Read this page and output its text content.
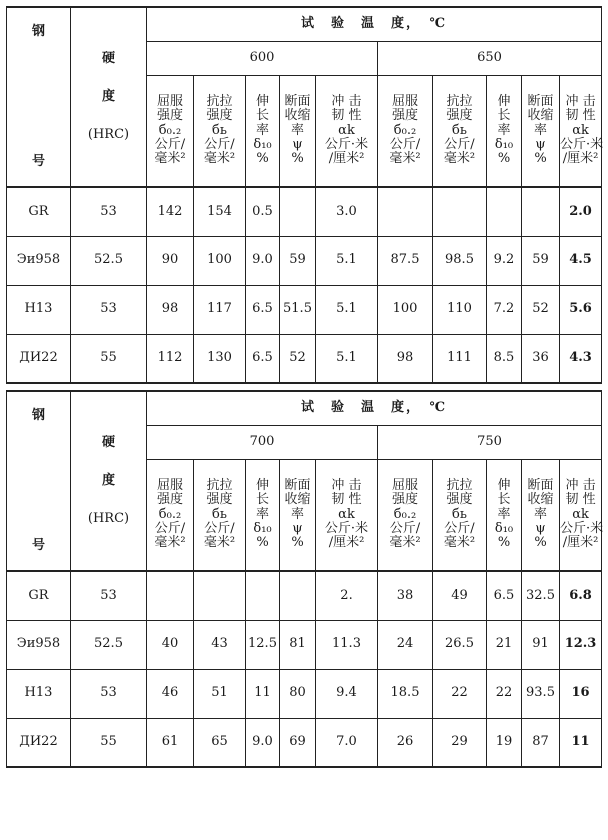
钢
号	硬
度
(HRC)	试　验　温　度，　℃									
		600					650				

		屈服
强度
б₀.₂
公斤/
毫米²	抗拉
强度
бь
公斤/
毫米²	伸
长
率
δ₁₀
%	断面
收缩
率
ψ
%	冲 击
韧 性
αk
公斤·米
/厘米²	屈服
强度
б₀.₂
公斤/
毫米²	抗拉
强度
бь
公斤/
毫米²	伸
长
率
δ₁₀
%	断面
收缩
率
ψ
%	冲 击
韧 性
αk
公斤·米
/厘米²

GR	53	142	154	0.5		3.0					2.0
Эи958	52.5	90	100	9.0	59	5.1	87.5	98.5	9.2	59	4.5
H13	53	98	117	6.5	51.5	5.1	100	110	7.2	52	5.6
ДИ22	55	112	130	6.5	52	5.1	98	111	8.5	36	4.3
钢
号	硬
度
(HRC)	试　验　温　度，　℃									
		700					750				

		屈服
强度
б₀.₂
公斤/
毫米²	抗拉
强度
бь
公斤/
毫米²	伸
长
率
δ₁₀
%	断面
收缩
率
ψ
%	冲 击
韧 性
αk
公斤·米
/厘米²	屈服
强度
б₀.₂
公斤/
毫米²	抗拉
强度
бь
公斤/
毫米²	伸
长
率
δ₁₀
%	断面
收缩
率
ψ
%	冲 击
韧 性
αk
公斤·米
/厘米²

GR	53					2.	38	49	6.5	32.5	6.8
Эи958	52.5	40	43	12.5	81	11.3	24	26.5	21	91	12.3
H13	53	46	51	11	80	9.4	18.5	22	22	93.5	16
ДИ22	55	61	65	9.0	69	7.0	26	29	19	87	11
